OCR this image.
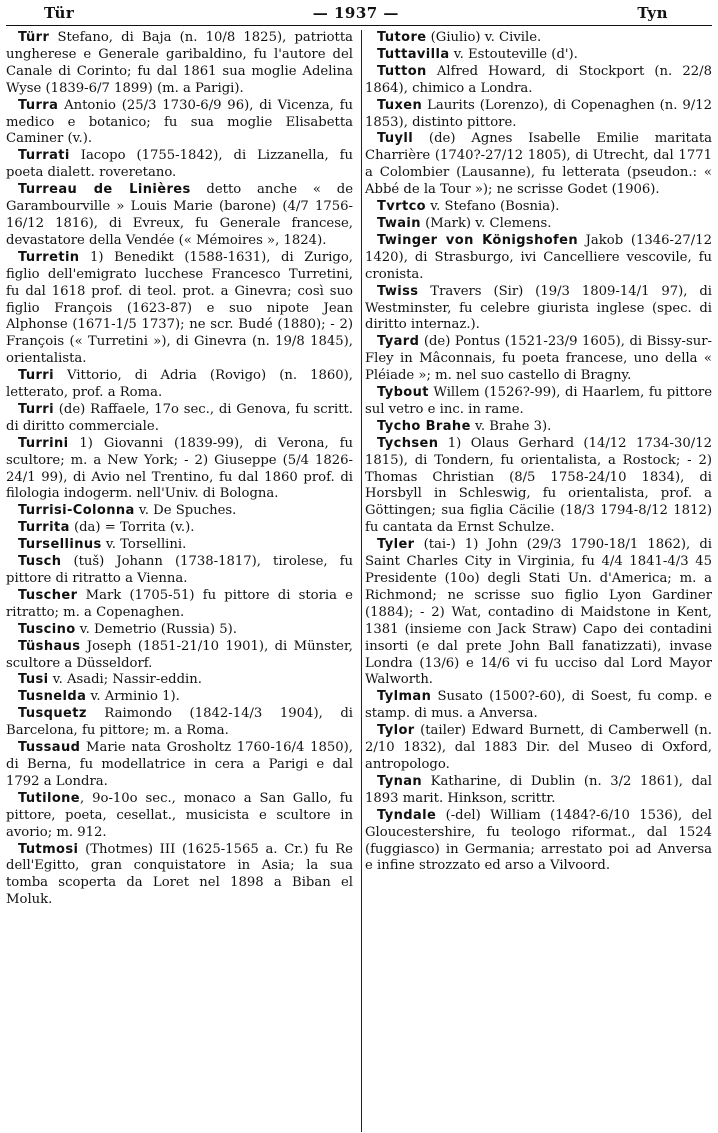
Tür	— 1937 —	Tyn

Türr Stefano, di Baja (n. 10/8 1825), patriotta ungherese e Generale garibaldino, fu l'autore del Canale di Corinto; fu dal 1861 sua moglie Adelina Wyse (1839-6/7 1899) (m. a Parigi).

Turra Antonio (25/3 1730-6/9 96), di Vicenza, fu medico e botanico; fu sua moglie Elisabetta Caminer (v.).

Turrati Iacopo (1755-1842), di Lizzanella, fu poeta dialett. roveretano.

Turreau de Linières detto anche « de Garambourville » Louis Marie (barone) (4/7 1756-16/12 1816), di Evreux, fu Generale francese, devastatore della Vendée (« Mémoires », 1824).

Turretin 1) Benedikt (1588-1631), di Zurigo, figlio dell'emigrato lucchese Francesco Turretini, fu dal 1618 prof. di teol. prot. a Ginevra; così suo figlio François (1623-87) e suo nipote Jean Alphonse (1671-1/5 1737); ne scr. Budé (1880); - 2) François (« Turretini »), di Ginevra (n. 19/8 1845), orientalista.

Turri Vittorio, di Adria (Rovigo) (n. 1860), letterato, prof. a Roma.

Turri (de) Raffaele, 17o sec., di Genova, fu scritt. di diritto commerciale.

Turrini 1) Giovanni (1839-99), di Verona, fu scultore; m. a New York; - 2) Giuseppe (5/4 1826-24/1 99), di Avio nel Trentino, fu dal 1860 prof. di filologia indogerm. nell'Univ. di Bologna.

Turrisi-Colonna v. De Spuches.

Turrita (da) = Torrita (v.).

Tursellinus v. Torsellini.

Tusch (tuš) Johann (1738-1817), tirolese, fu pittore di ritratto a Vienna.

Tuscher Mark (1705-51) fu pittore di storia e ritratto; m. a Copenaghen.

Tuscino v. Demetrio (Russia) 5).

Tüshaus Joseph (1851-21/10 1901), di Münster, scultore a Düsseldorf.

Tusi v. Asadi; Nassir-eddin.

Tusnelda v. Arminio 1).

Tusquetz Raimondo (1842-14/3 1904), di Barcelona, fu pittore; m. a Roma.

Tussaud Marie nata Grosholtz 1760-16/4 1850), di Berna, fu modellatrice in cera a Parigi e dal 1792 a Londra.

Tutilone, 9o-10o sec., monaco a San Gallo, fu pittore, poeta, cesellat., musicista e scultore in avorio; m. 912.

Tutmosi (Thotmes) III (1625-1565 a. Cr.) fu Re dell'Egitto, gran conquistatore in Asia; la sua tomba scoperta da Loret nel 1898 a Biban el Moluk.

Tutore (Giulio) v. Civile.

Tuttavilla v. Estouteville (d').

Tutton Alfred Howard, di Stockport (n. 22/8 1864), chimico a Londra.

Tuxen Laurits (Lorenzo), di Copenaghen (n. 9/12 1853), distinto pittore.

Tuyll (de) Agnes Isabelle Emilie maritata Charrière (1740?-27/12 1805), di Utrecht, dal 1771 a Colombier (Lausanne), fu letterata (pseudon.: « Abbé de la Tour »); ne scrisse Godet (1906).

Tvrtco v. Stefano (Bosnia).

Twain (Mark) v. Clemens.

Twinger von Königshofen Jakob (1346-27/12 1420), di Strasburgo, ivi Cancelliere vescovile, fu cronista.

Twiss Travers (Sir) (19/3 1809-14/1 97), di Westminster, fu celebre giurista inglese (spec. di diritto internaz.).

Tyard (de) Pontus (1521-23/9 1605), di Bissy-sur-Fley in Mâconnais, fu poeta francese, uno della « Pléiade »; m. nel suo castello di Bragny.

Tybout Willem (1526?-99), di Haarlem, fu pittore sul vetro e inc. in rame.

Tycho Brahe v. Brahe 3).

Tychsen 1) Olaus Gerhard (14/12 1734-30/12 1815), di Tondern, fu orientalista, a Rostock; - 2) Thomas Christian (8/5 1758-24/10 1834), di Horsbyll in Schleswig, fu orientalista, prof. a Göttingen; sua figlia Cäcilie (18/3 1794-8/12 1812) fu cantata da Ernst Schulze.

Tyler (tai-) 1) John (29/3 1790-18/1 1862), di Saint Charles City in Virginia, fu 4/4 1841-4/3 45 Presidente (10o) degli Stati Un. d'America; m. a Richmond; ne scrisse suo figlio Lyon Gardiner (1884); - 2) Wat, contadino di Maidstone in Kent, 1381 (insieme con Jack Straw) Capo dei contadini insorti (e dal prete John Ball fanatizzati), invase Londra (13/6) e 14/6 vi fu ucciso dal Lord Mayor Walworth.

Tylman Susato (1500?-60), di Soest, fu comp. e stamp. di mus. a Anversa.

Tylor (tailer) Edward Burnett, di Camberwell (n. 2/10 1832), dal 1883 Dir. del Museo di Oxford, antropologo.

Tynan Katharine, di Dublin (n. 3/2 1861), dal 1893 marit. Hinkson, scrittr.

Tyndale (-del) William (1484?-6/10 1536), del Gloucestershire, fu teologo riformat., dal 1524 (fuggiasco) in Germania; arrestato poi ad Anversa e infine strozzato ed arso a Vilvoord.
